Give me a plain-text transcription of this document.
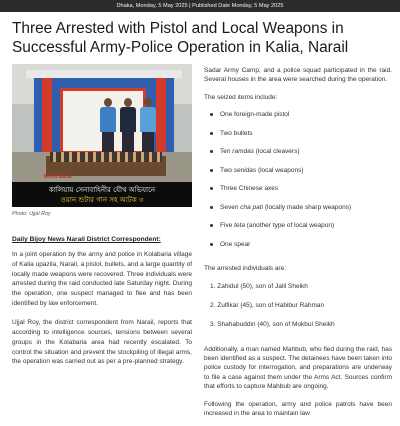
Dhaka, Monday, 5 May 2025 | Published Date Monday, 5 May 2025
Three Arrested with Pistol and Local Weapons in Successful Army-Police Operation in Kalia, Narail
Mohit Bazar
কালিয়ায় সেনাবাহিনীর যৌথ অভিযানে
ওয়ান শুটার গান সহ আটক ৩
Photo: Ujjal Roy
Daily Bijoy News Narail District Correspondent:

In a joint operation by the army and police in Kolabaria village of Kalia upazila, Narail, a pistol, bullets, and a large quantity of locally made weapons were recovered. Three individuals were arrested during the raid conducted late Saturday night. During the operation, one suspect managed to flee and has been identified by law enforcement.

Ujjal Roy, the district correspondent from Narail, reports that according to intelligence sources, tensions between several groups in the Kolabaria area had recently escalated. To control the situation and prevent the stockpiling of illegal arms, the operation was carried out as per a pre-planned strategy.

Sadar Army Camp, and a police squad participated in the raid. Several houses in the area were searched during the operation.

The seized items include:

One foreign-made pistol
Two bullets
Ten ramdas (local cleavers)
Two senidas (local weapons)
Three Chinese axes
Seven cha pati (locally made sharp weapons)
Five teta (another type of local weapon)
One spear

The arrested individuals are:

1. Zahidul (50), son of Jalil Sheikh
2. Zulfikar (45), son of Habibur Rahman
3. Shahabuddin (40), son of Mokbul Sheikh

Additionally, a man named Mahbub, who fled during the raid, has been identified as a suspect. The detainees have been taken into police custody for interrogation, and preparations are underway to file a case against them under the Arms Act. Sources confirm that efforts to capture Mahbub are ongoing.

Following the operation, army and police patrols have been increased in the area to maintain law
